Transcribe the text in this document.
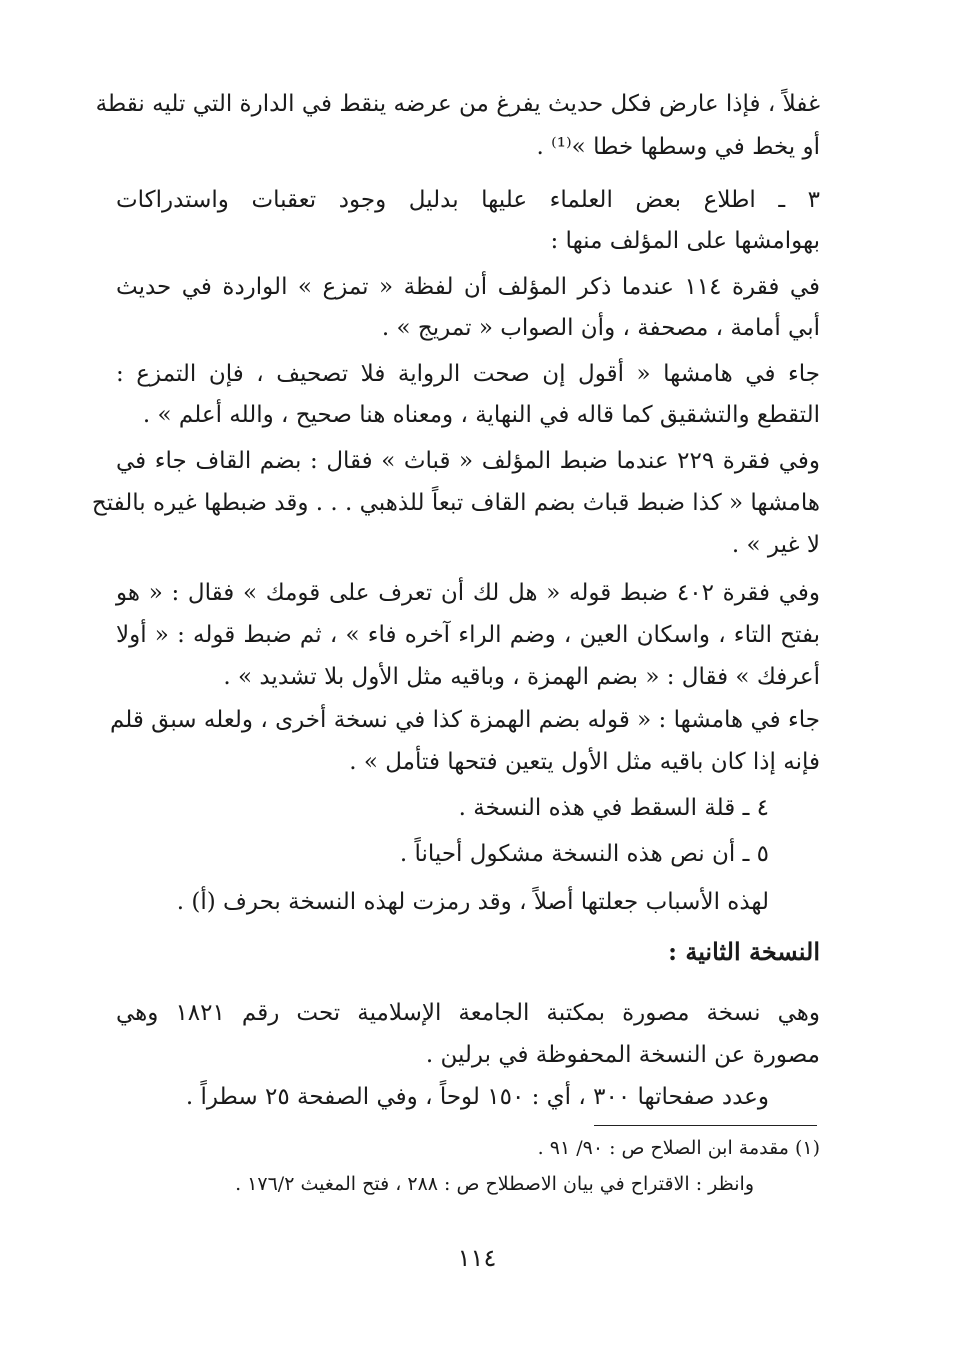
غفلاً ، فإذا عارض فكل حديث يفرغ من عرضه ينقط في الدارة التي تليه نقطة
أو يخط في وسطها خطا »⁽¹⁾ .
٣ ـ اطلاع بعض العلماء عليها بدليل وجود تعقبات واستدراكات
بهوامشها على المؤلف منها :
في فقرة ١١٤ عندما ذكر المؤلف أن لفظة « تمزع » الواردة في حديث
أبي أمامة ، مصحفة ، وأن الصواب « تمريج » .
جاء في هامشها « أقول إن صحت الرواية فلا تصحيف ، فإن التمزع :
التقطع والتشقيق كما قاله في النهاية ، ومعناه هنا صحيح ، والله أعلم » .
وفي فقرة ٢٢٩ عندما ضبط المؤلف « قباث » فقال : بضم القاف جاء في
هامشها « كذا ضبط قباث بضم القاف تبعاً للذهبي . . . وقد ضبطها غيره بالفتح
لا غير » .
وفي فقرة ٤٠٢ ضبط قوله « هل لك أن تعرف على قومك » فقال : « هو
بفتح التاء ، واسكان العين ، وضم الراء آخره فاء » ، ثم ضبط قوله : « أولا
أعرفك » فقال : « بضم الهمزة ، وباقيه مثل الأول بلا تشديد » .
جاء في هامشها : « قوله بضم الهمزة كذا في نسخة أخرى ، ولعله سبق قلم
فإنه إذا كان باقيه مثل الأول يتعين فتحها فتأمل » .
٤ ـ قلة السقط في هذه النسخة .
٥ ـ أن نص هذه النسخة مشكول أحياناً .
لهذه الأسباب جعلتها أصلاً ، وقد رمزت لهذه النسخة بحرف (أ) .
النسخة الثانية :
وهي نسخة مصورة بمكتبة الجامعة الإسلامية تحت رقم ١٨٢١ وهي
مصورة عن النسخة المحفوظة في برلين .
وعدد صفحاتها ٣٠٠ ، أي : ١٥٠ لوحاً ، وفي الصفحة ٢٥ سطراً .
(١) مقدمة ابن الصلاح ص : ٩٠/ ٩١ .
وانظر : الاقتراح في بيان الاصطلاح ص : ٢٨٨ ، فتح المغيث ١٧٦/٢ .
١١٤
